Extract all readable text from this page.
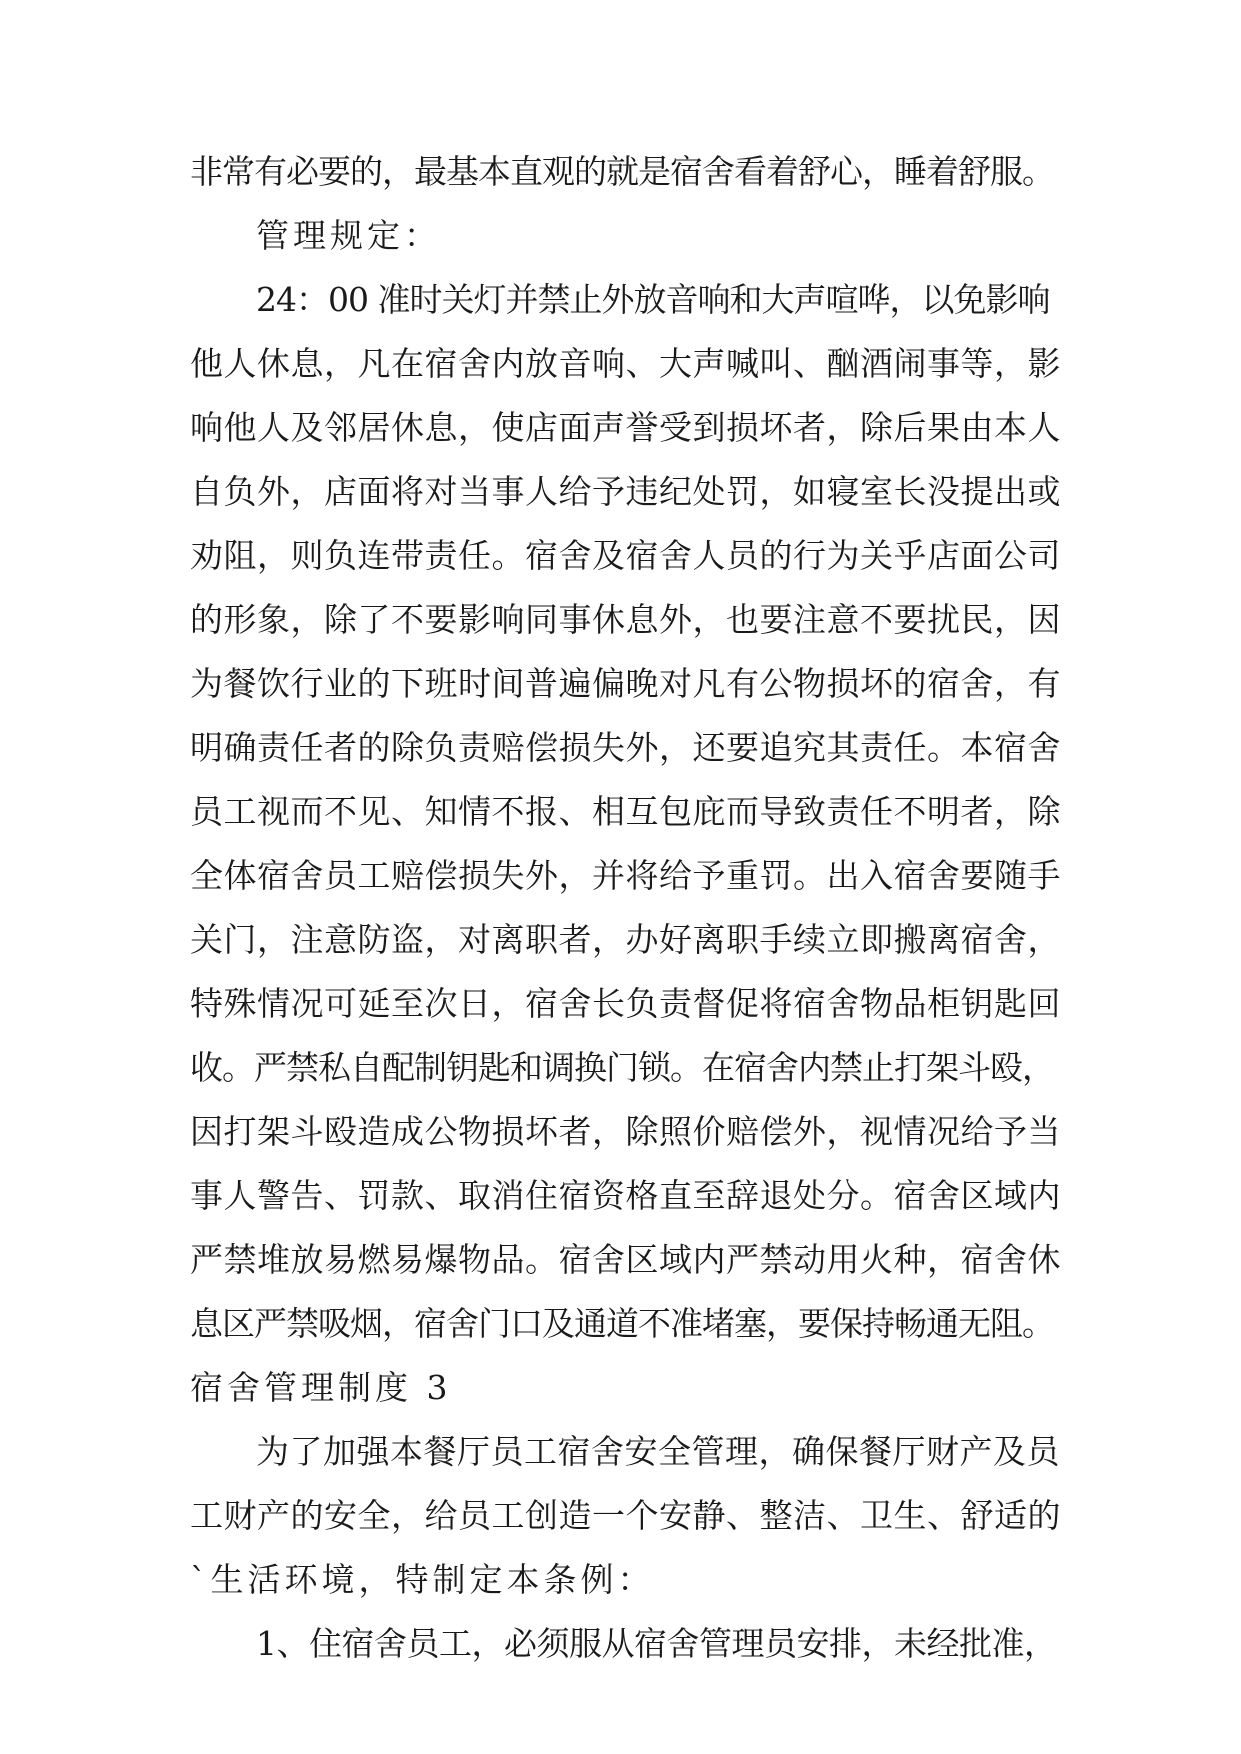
非常有必要的，最基本直观的就是宿舍看着舒心，睡着舒服。
管理规定：
24：00 准时关灯并禁止外放音响和大声喧哗，以免影响
他人休息，凡在宿舍内放音响、大声喊叫、酗酒闹事等，影
响他人及邻居休息，使店面声誉受到损坏者，除后果由本人
自负外，店面将对当事人给予违纪处罚，如寝室长没提出或
劝阻，则负连带责任。宿舍及宿舍人员的行为关乎店面公司
的形象，除了不要影响同事休息外，也要注意不要扰民，因
为餐饮行业的下班时间普遍偏晚对凡有公物损坏的宿舍，有
明确责任者的除负责赔偿损失外，还要追究其责任。本宿舍
员工视而不见、知情不报、相互包庇而导致责任不明者，除
全体宿舍员工赔偿损失外，并将给予重罚。出入宿舍要随手
关门，注意防盗，对离职者，办好离职手续立即搬离宿舍，
特殊情况可延至次日，宿舍长负责督促将宿舍物品柜钥匙回
收。严禁私自配制钥匙和调换门锁。在宿舍内禁止打架斗殴，
因打架斗殴造成公物损坏者，除照价赔偿外，视情况给予当
事人警告、罚款、取消住宿资格直至辞退处分。宿舍区域内
严禁堆放易燃易爆物品。宿舍区域内严禁动用火种，宿舍休
息区严禁吸烟，宿舍门口及通道不准堵塞，要保持畅通无阻。
宿舍管理制度 3
为了加强本餐厅员工宿舍安全管理，确保餐厅财产及员
工财产的安全，给员工创造一个安静、整洁、卫生、舒适的
`生活环境，特制定本条例：
1、住宿舍员工，必须服从宿舍管理员安排，未经批准，
